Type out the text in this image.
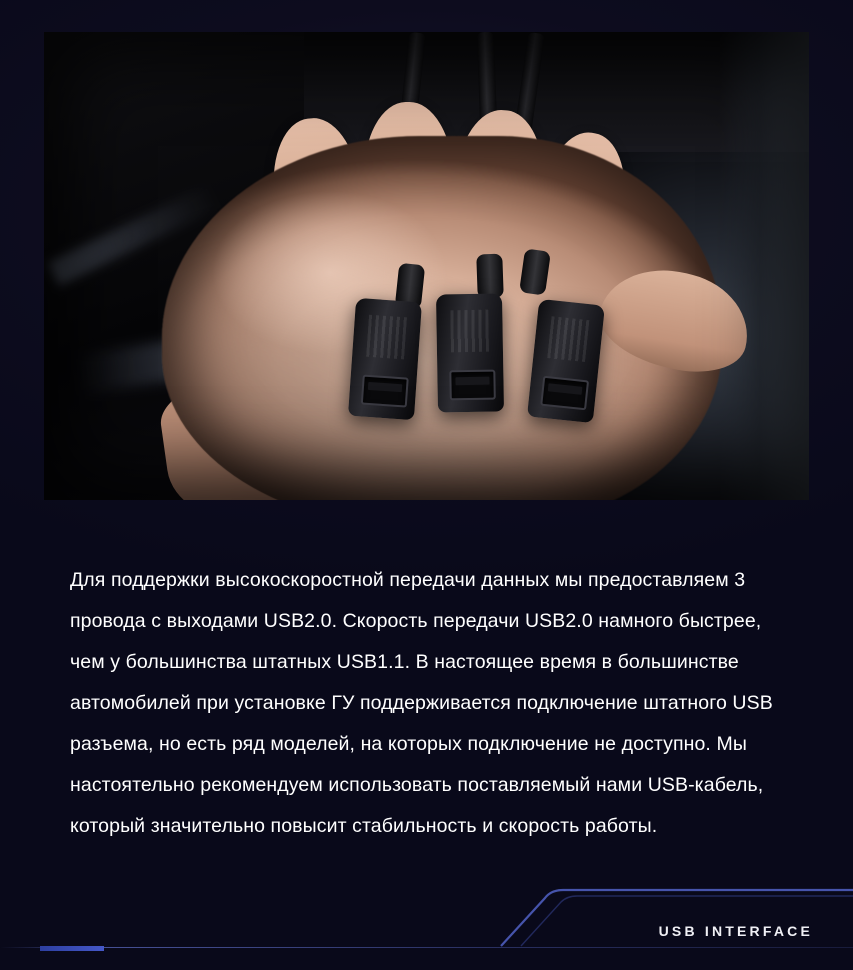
Для поддержки высокоскоростной передачи данных мы предоставляем 3 провода с выходами USB2.0. Скорость передачи USB2.0 намного быстрее, чем у большинства штатных USB1.1. В настоящее время в большинстве автомобилей при установке ГУ поддерживается подключение штатного USB разъема, но есть ряд моделей, на которых подключение не доступно. Мы настоятельно рекомендуем использовать поставляемый нами USB-кабель, который значительно повысит стабильность и скорость работы.

USB INTERFACE
